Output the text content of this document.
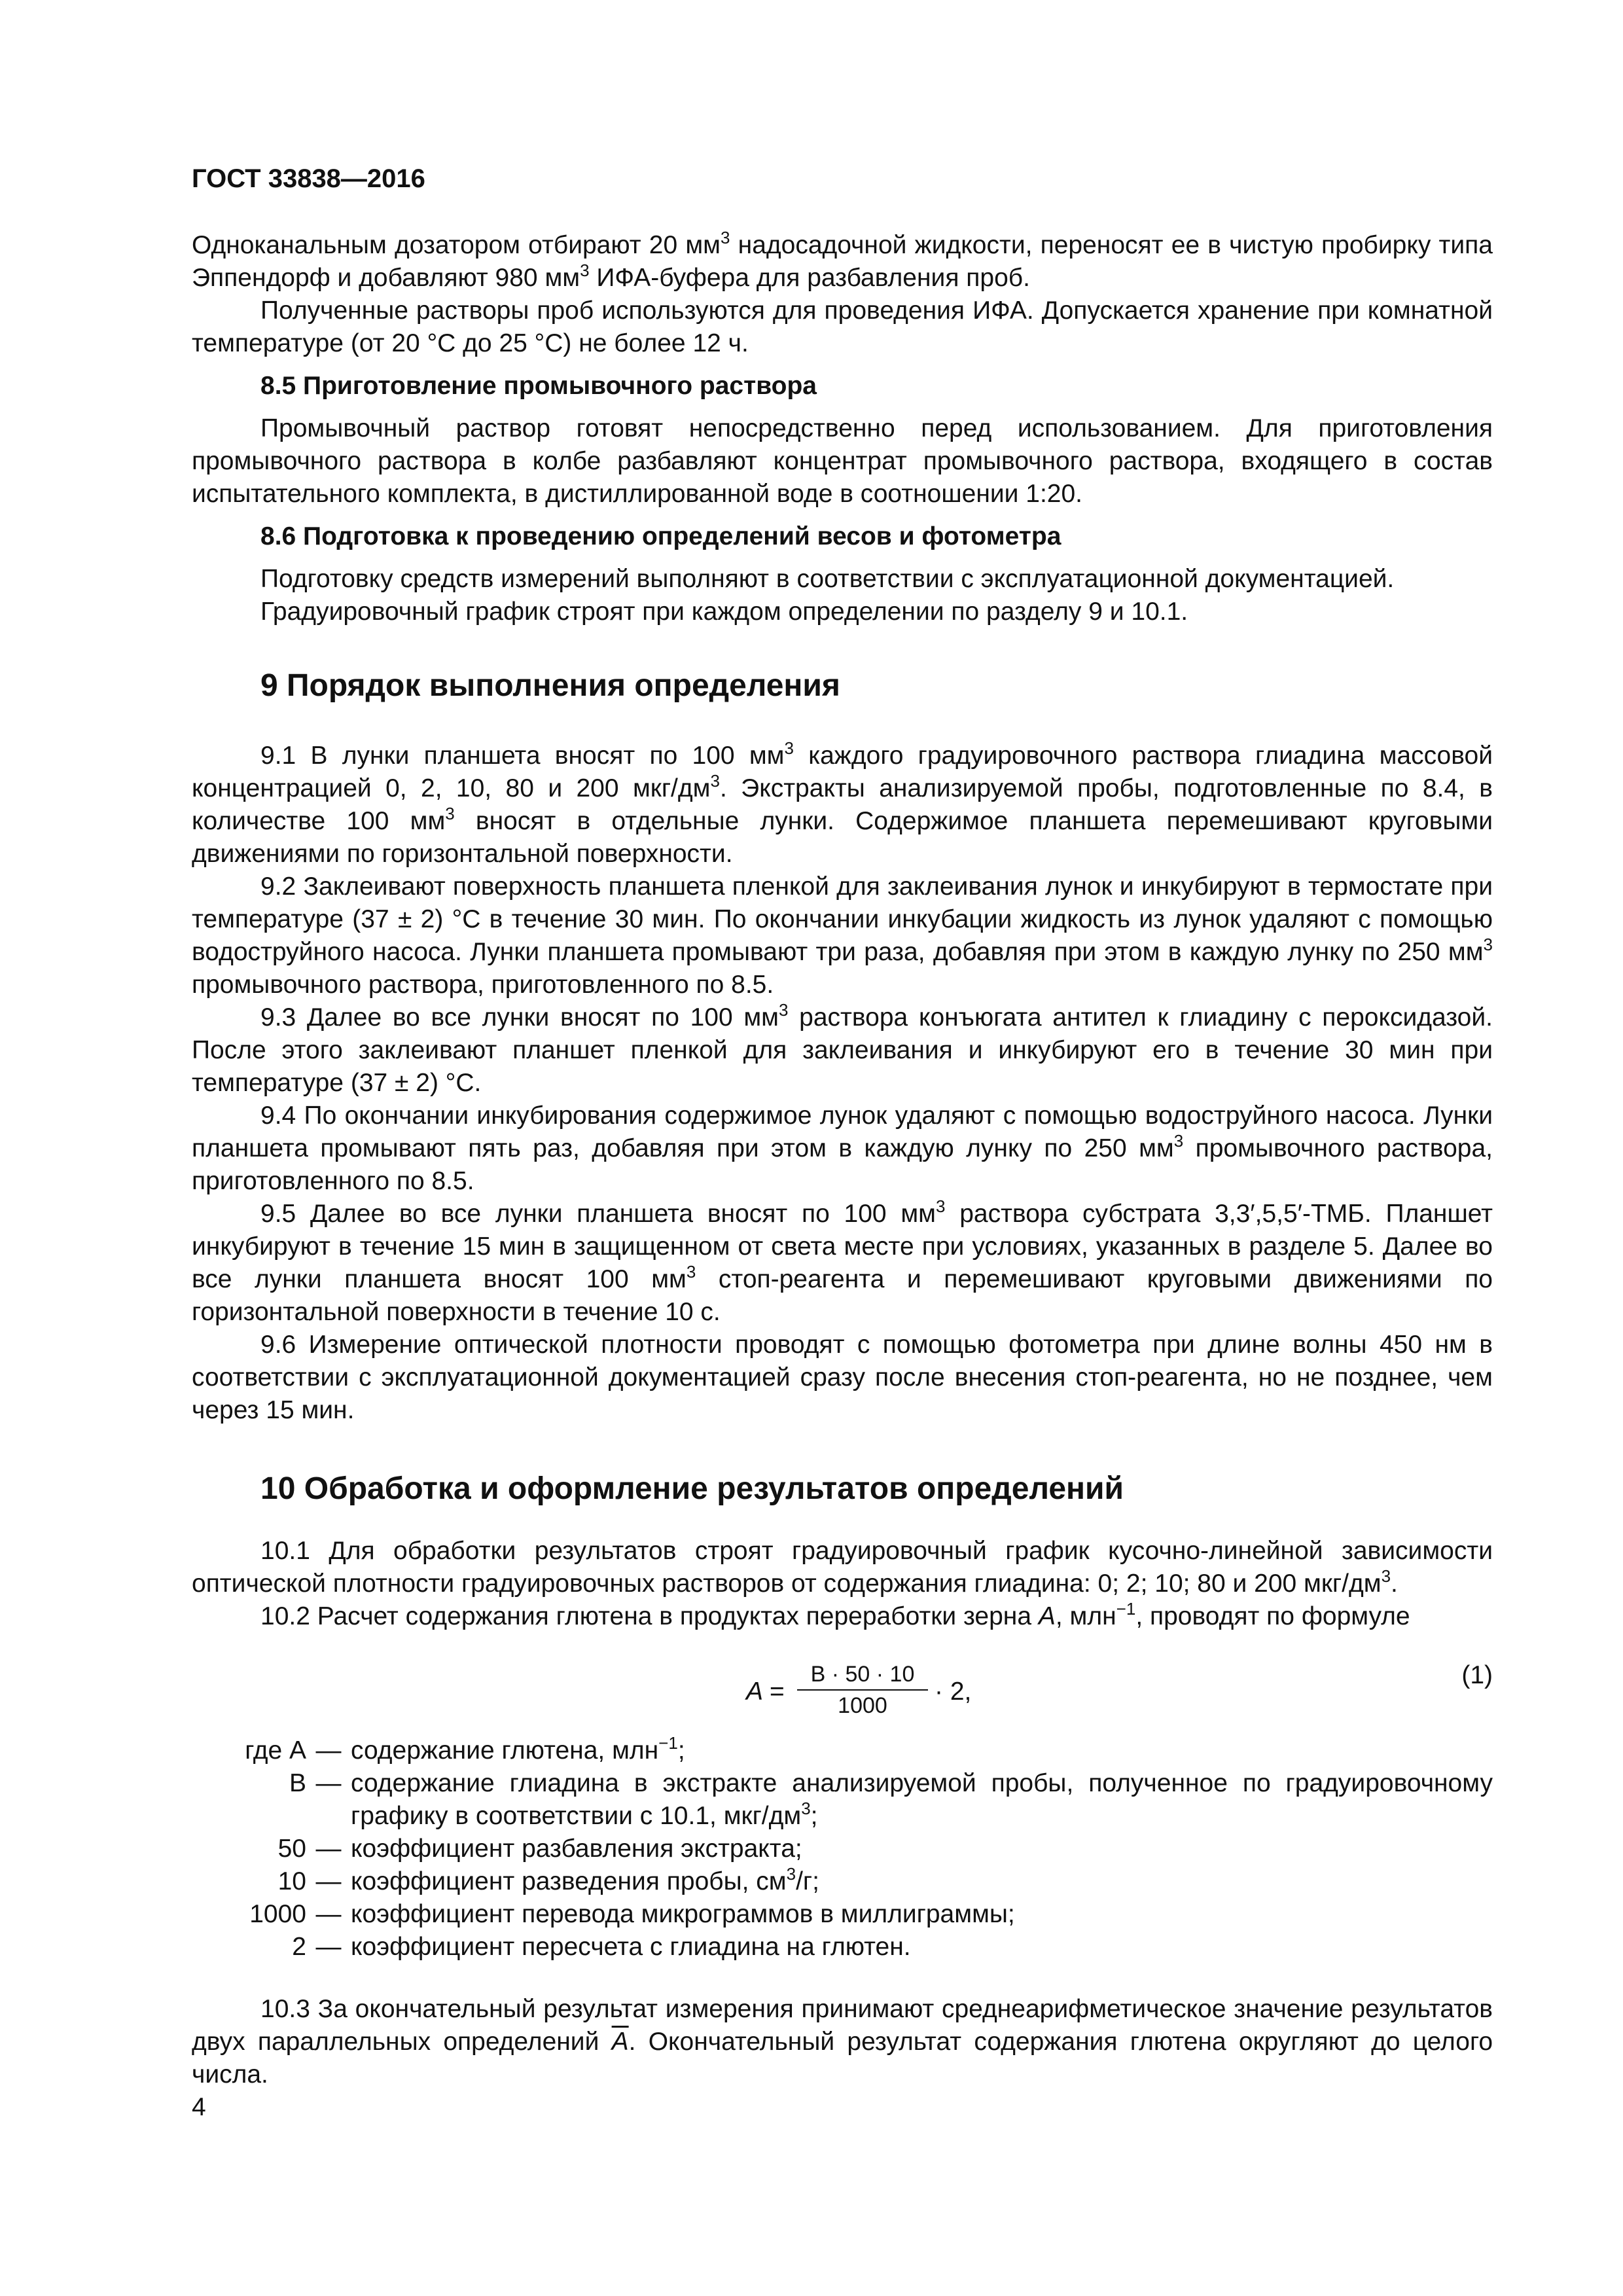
ГОСТ 33838—2016
Одноканальным дозатором отбирают 20 $мм^3$ надосадочной жидкости, переносят ее в чистую пробирку типа Эппендорф и добавляют 980 $мм^3$ ИФА-буфера для разбавления проб.
Полученные растворы проб используются для проведения ИФА. Допускается хранение при комнатной температуре (от 20 °С до 25 °С) не более 12 ч.
8.5 Приготовление промывочного раствора
Промывочный раствор готовят непосредственно перед использованием. Для приготовления промывочного раствора в колбе разбавляют концентрат промывочного раствора, входящего в состав испытательного комплекта, в дистиллированной воде в соотношении 1:20.
8.6 Подготовка к проведению определений весов и фотометра
Подготовку средств измерений выполняют в соответствии с эксплуатационной документацией.
Градуировочный график строят при каждом определении по разделу 9 и 10.1.
9 Порядок выполнения определения
9.1 В лунки планшета вносят по 100 $мм^3$ каждого градуировочного раствора глиадина массовой концентрацией 0, 2, 10, 80 и 200 мкг/$дм^3$. Экстракты анализируемой пробы, подготовленные по 8.4, в количестве 100 $мм^3$ вносят в отдельные лунки. Содержимое планшета перемешивают круговыми движениями по горизонтальной поверхности.
9.2 Заклеивают поверхность планшета пленкой для заклеивания лунок и инкубируют в термостате при температуре (37 ± 2) °С в течение 30 мин. По окончании инкубации жидкость из лунок удаляют с помощью водоструйного насоса. Лунки планшета промывают три раза, добавляя при этом в каждую лунку по 250 $мм^3$ промывочного раствора, приготовленного по 8.5.
9.3 Далее во все лунки вносят по 100 $мм^3$ раствора конъюгата антител к глиадину с пероксидазой. После этого заклеивают планшет пленкой для заклеивания и инкубируют его в течение 30 мин при температуре (37 ± 2) °С.
9.4 По окончании инкубирования содержимое лунок удаляют с помощью водоструйного насоса. Лунки планшета промывают пять раз, добавляя при этом в каждую лунку по 250 $мм^3$ промывочного раствора, приготовленного по 8.5.
9.5 Далее во все лунки планшета вносят по 100 $мм^3$ раствора субстрата 3,3′,5,5′-ТМБ. Планшет инкубируют в течение 15 мин в защищенном от света месте при условиях, указанных в разделе 5. Далее во все лунки планшета вносят 100 $мм^3$ стоп-реагента и перемешивают круговыми движениями по горизонтальной поверхности в течение 10 с.
9.6 Измерение оптической плотности проводят с помощью фотометра при длине волны 450 нм в соответствии с эксплуатационной документацией сразу после внесения стоп-реагента, но не позднее, чем через 15 мин.
10 Обработка и оформление результатов определений
10.1 Для обработки результатов строят градуировочный график кусочно-линейной зависимости оптической плотности градуировочных растворов от содержания глиадина: 0; 2; 10; 80 и 200 мкг/$дм^3$.
10.2 Расчет содержания глютена в продуктах переработки зерна А, млн$^{-1}$, проводят по формуле
$A = \frac{B \cdot 50 \cdot 10}{1000} \cdot 2$,
(1)
где A — содержание глютена, млн$^{-1}$;
B — содержание глиадина в экстракте анализируемой пробы, полученное по градуировочному графику в соответствии с 10.1, мкг/$дм^3$;
50 — коэффициент разбавления экстракта;
10 — коэффициент разведения пробы, $см^3/г$;
1000 — коэффициент перевода микрограммов в миллиграммы;
2 — коэффициент пересчета с глиадина на глютен.
10.3 За окончательный результат измерения принимают среднеарифметическое значение результатов двух параллельных определений $\overline{A}$. Окончательный результат содержания глютена округляют до целого числа.
4
